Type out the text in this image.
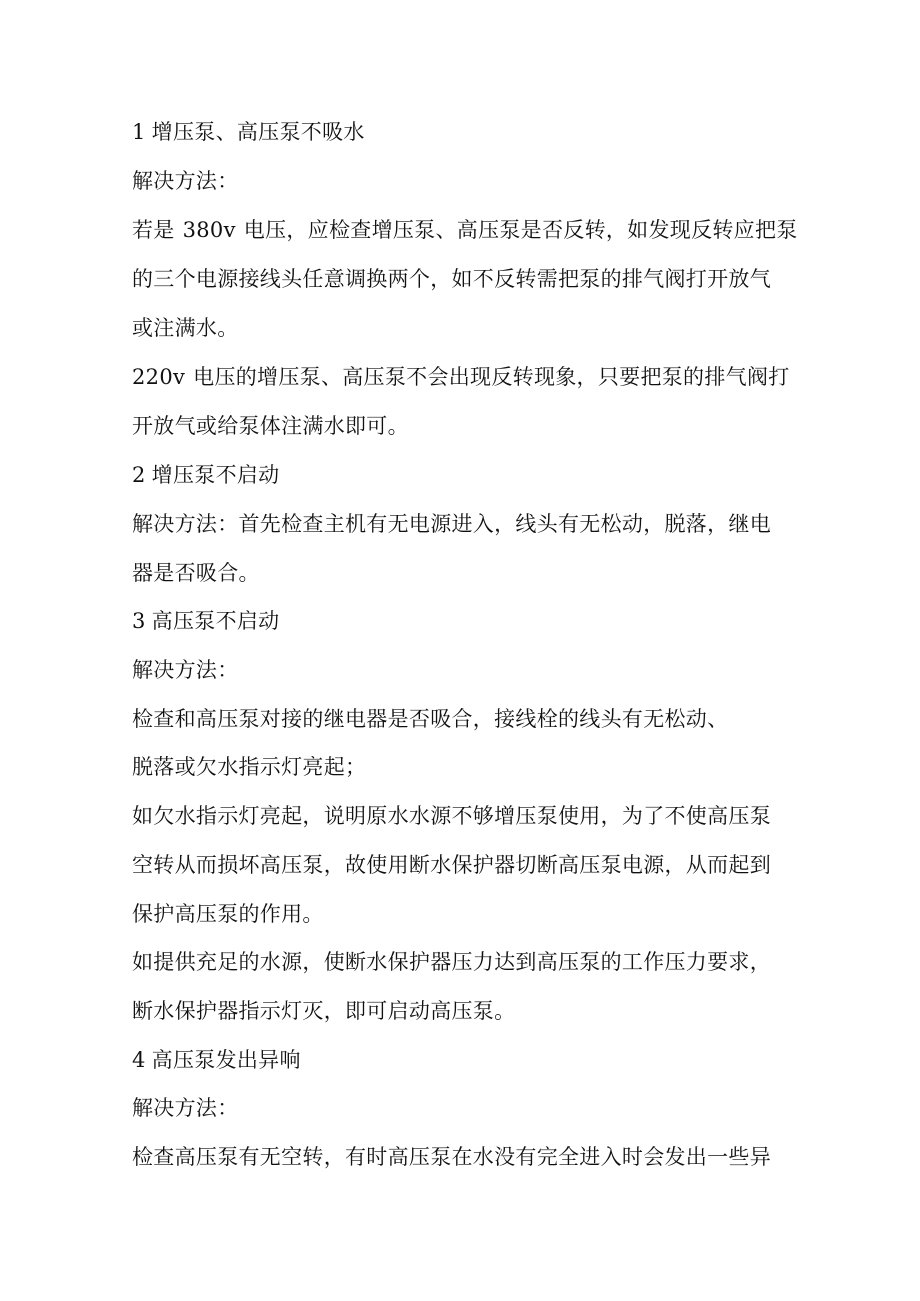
1 增压泵、高压泵不吸水
解决方法：
若是 380v 电压，应检查增压泵、高压泵是否反转，如发现反转应把泵
的三个电源接线头任意调换两个，如不反转需把泵的排气阀打开放气
或注满水。
220v 电压的增压泵、高压泵不会出现反转现象，只要把泵的排气阀打
开放气或给泵体注满水即可。
2 增压泵不启动
解决方法：首先检查主机有无电源进入，线头有无松动，脱落，继电
器是否吸合。
3 高压泵不启动
解决方法：
检查和高压泵对接的继电器是否吸合，接线栓的线头有无松动、
脱落或欠水指示灯亮起；
如欠水指示灯亮起，说明原水水源不够增压泵使用，为了不使高压泵
空转从而损坏高压泵，故使用断水保护器切断高压泵电源，从而起到
保护高压泵的作用。
如提供充足的水源，使断水保护器压力达到高压泵的工作压力要求，
断水保护器指示灯灭，即可启动高压泵。
4 高压泵发出异响
解决方法：
检查高压泵有无空转，有时高压泵在水没有完全进入时会发出一些异
